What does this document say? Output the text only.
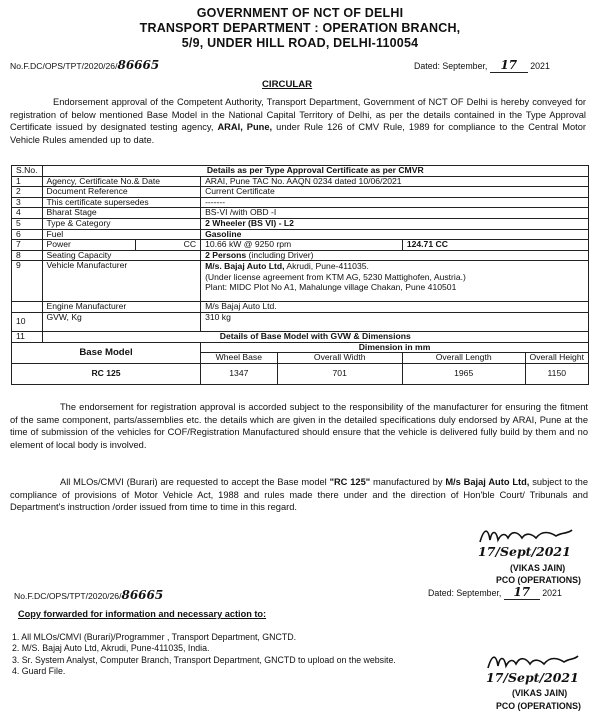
GOVERNMENT OF NCT OF DELHI
TRANSPORT DEPARTMENT : OPERATION BRANCH,
5/9, UNDER HILL ROAD, DELHI-110054
No.F.DC/OPS/TPT/2020/26/86665	Dated: September, 17 2021
CIRCULAR
Endorsement approval of the Competent Authority, Transport Department, Government of NCT OF Delhi is hereby conveyed for registration of below mentioned Base Model in the National Capital Territory of Delhi, as per the details contained in the Type Approval Certificate issued by designated testing agency, ARAI, Pune, under Rule 126 of CMV Rule, 1989 for compliance to the Central Motor Vehicle Rules amended up to date.
S.No.	Details as per Type Approval Certificate as per CMVR					
1	Agency, Certificate No.& Date		ARAI, Pune TAC No. AAQN 0234 dated 10/06/2021			
2	Document Reference		Current Certificate			
3	This certificate supersedes		-------			
4	Bharat Stage		BS-VI /with OBD -I			
5	Type & Category		2 Wheeler (BS VI) - L2			
6	Fuel		Gasoline			
7	Power	CC	10.66 kW @ 9250 rpm		124.71 CC	
8	Seating Capacity		2 Persons (including Driver)			
9	Vehicle Manufacturer		M/s. Bajaj Auto Ltd, Akrudi, Pune-411035.
(Under license agreement from KTM AG, 5230 Mattighofen, Austria.)
Plant: MIDC Plot No A1, Mahalunge village Chakan, Pune 410501			
	Engine Manufacturer		M/s Bajaj Auto Ltd.			
10	GVW, Kg		310 kg			
11	Details of Base Model with GVW & Dimensions					
Base Model			Dimension in mm			
			Wheel Base	Overall Width	Overall Length	Overall Height
RC 125			1347	701	1965	1150
The endorsement for registration approval is accorded subject to the responsibility of the manufacturer for ensuring the fitment of the same component, parts/assemblies etc. the details which are given in the detailed specifications duly endorsed by ARAI, Pune at the time of submission of the vehicles for COF/Registration Manufactured should ensure that the vehicle is delivered fully build by them and no element of local body is involved.
All MLOs/CMVI (Burari) are requested to accept the Base model "RC 125" manufactured by M/s Bajaj Auto Ltd, subject to the compliance of provisions of Motor Vehicle Act, 1988 and rules made there under and the direction of Hon'ble Court/ Tribunals and Department's instruction /order issued from time to time in this regard.
17/Sept/2021
(VIKAS JAIN)
PCO (OPERATIONS)
No.F.DC/OPS/TPT/2020/26/86665	Dated: September, 17 2021
Copy forwarded for information and necessary action to:
1. All MLOs/CMVI (Burari)/Programmer , Transport Department, GNCTD.
2. M/S. Bajaj Auto Ltd, Akrudi, Pune-411035, India.
3. Sr. System Analyst, Computer Branch, Transport Department, GNCTD to upload on the website.
4. Guard File.	17/Sept/2021
(VIKAS JAIN)
PCO (OPERATIONS)
